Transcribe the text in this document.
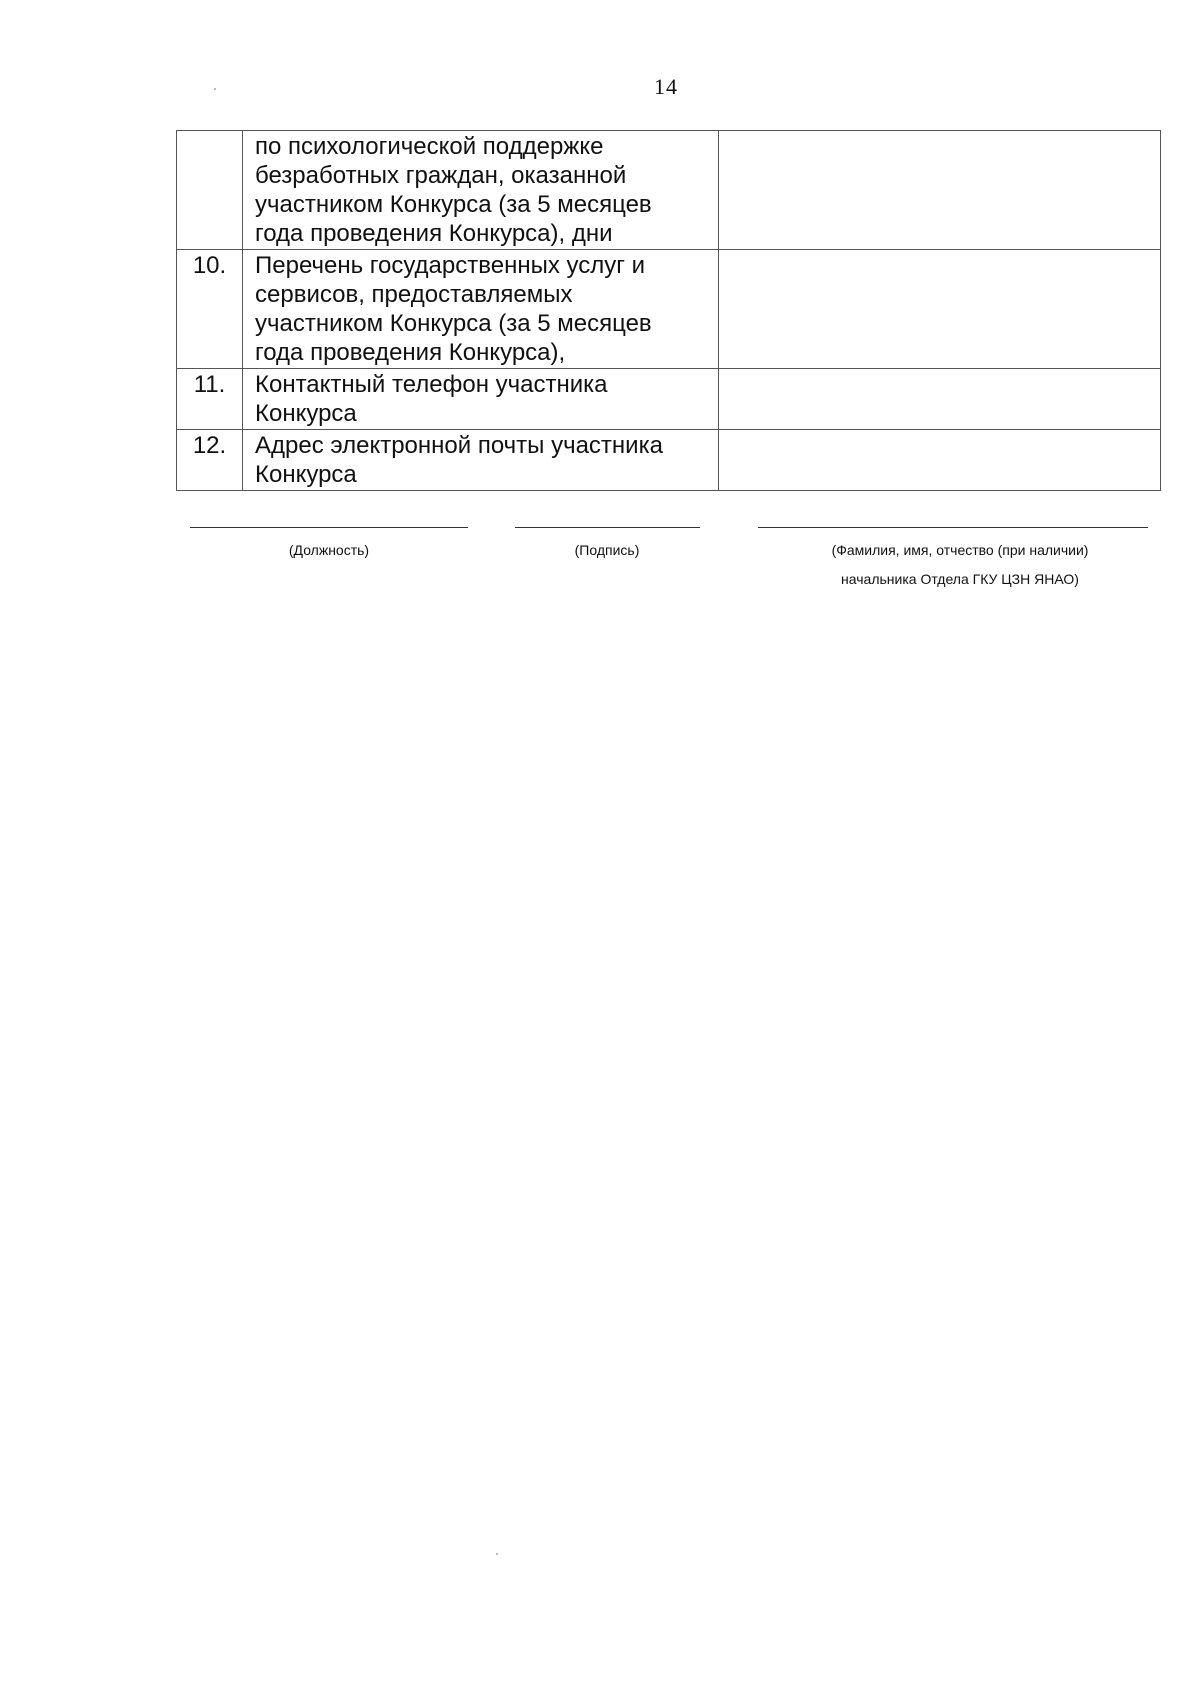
14

	по психологической поддержке
безработных граждан, оказанной
участником Конкурса (за 5 месяцев
года проведения Конкурса), дни	

10.	Перечень государственных услуг и
сервисов, предоставляемых
участником Конкурса (за 5 месяцев
года проведения Конкурса),	

11.	Контактный телефон участника
Конкурса	

12.	Адрес электронной почты участника
Конкурса	

(Должность)	(Подпись)	(Фамилия, имя, отчество (при наличии)
начальника Отдела ГКУ ЦЗН ЯНАО)
